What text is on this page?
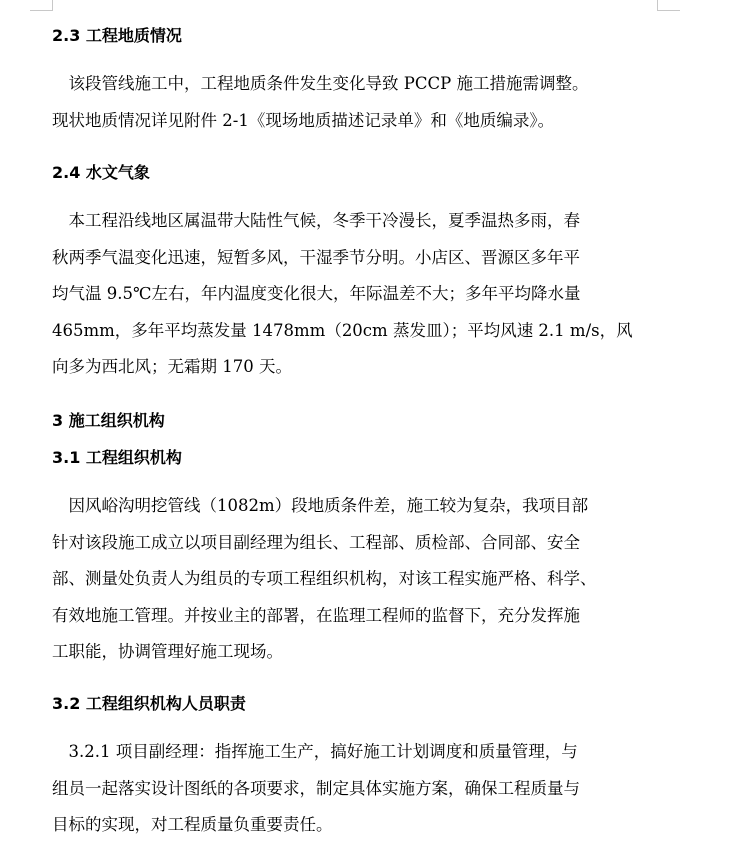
2.3 工程地质情况

　该段管线施工中，工程地质条件发生变化导致 PCCP 施工措施需调整。

现状地质情况详见附件 2-1《现场地质描述记录单》和《地质编录》。

2.4 水文气象

　本工程沿线地区属温带大陆性气候，冬季干冷漫长，夏季温热多雨，春

秋两季气温变化迅速，短暂多风，干湿季节分明。小店区、晋源区多年平

均气温 9.5℃左右，年内温度变化很大，年际温差不大；多年平均降水量

465mm，多年平均蒸发量 1478mm（20cm 蒸发皿）；平均风速 2.1 m/s，风

向多为西北风；无霜期 170 天。

3 施工组织机构
3.1 工程组织机构

　因风峪沟明挖管线（1082m）段地质条件差，施工较为复杂，我项目部

针对该段施工成立以项目副经理为组长、工程部、质检部、合同部、安全

部、测量处负责人为组员的专项工程组织机构，对该工程实施严格、科学、

有效地施工管理。并按业主的部署，在监理工程师的监督下，充分发挥施

工职能，协调管理好施工现场。

3.2 工程组织机构人员职责

　3.2.1 项目副经理：指挥施工生产，搞好施工计划调度和质量管理，与

组员一起落实设计图纸的各项要求，制定具体实施方案，确保工程质量与

目标的实现，对工程质量负重要责任。
